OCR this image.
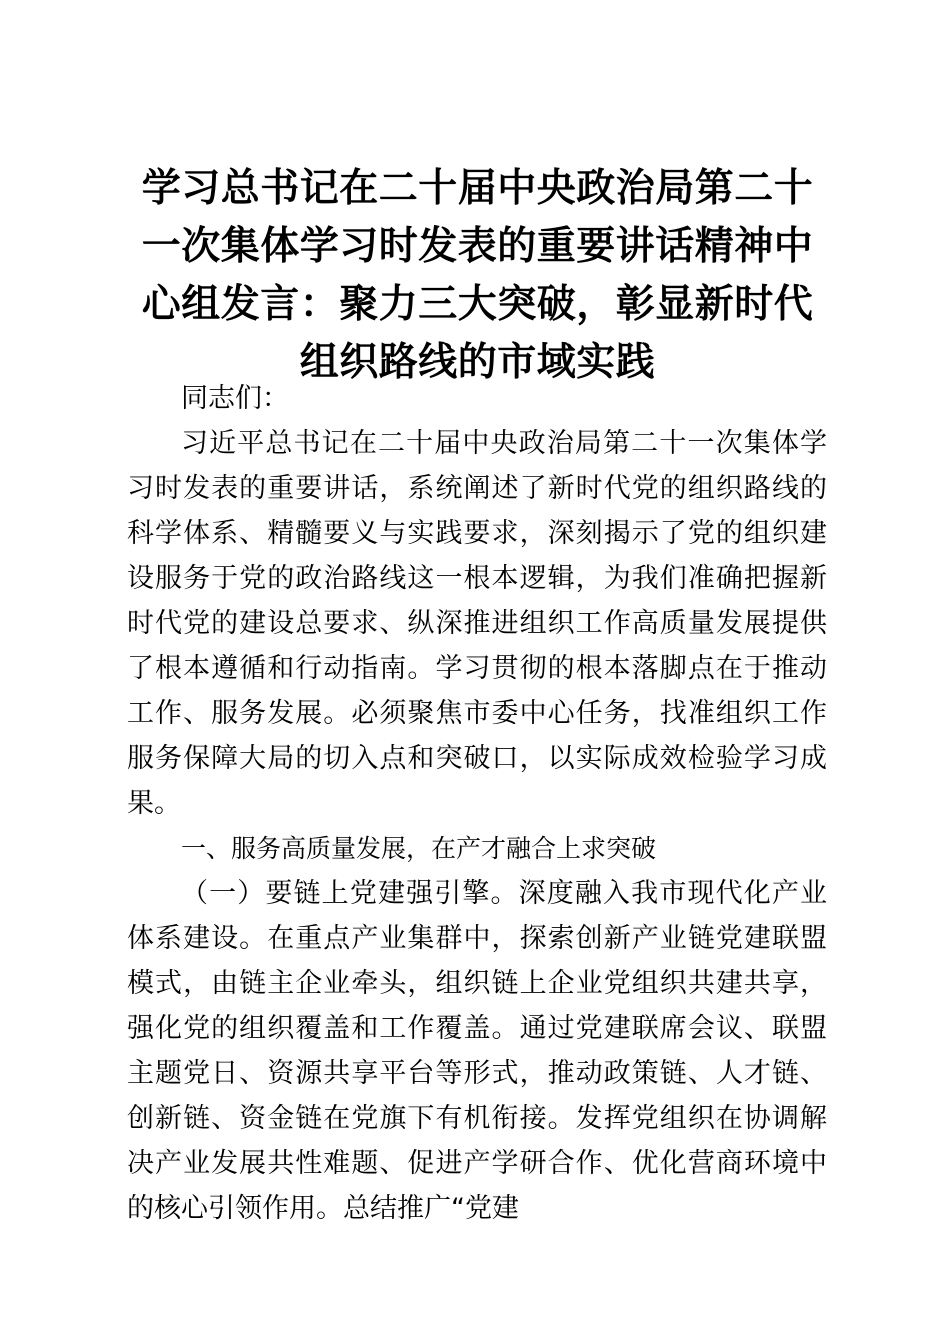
学习总书记在二十届中央政治局第二十
一次集体学习时发表的重要讲话精神中
心组发言：聚力三大突破，彰显新时代
组织路线的市域实践

同志们：

习近平总书记在二十届中央政治局第二十一次集体学习时发表的重要讲话，系统阐述了新时代党的组织路线的科学体系、精髓要义与实践要求，深刻揭示了党的组织建设服务于党的政治路线这一根本逻辑，为我们准确把握新时代党的建设总要求、纵深推进组织工作高质量发展提供了根本遵循和行动指南。学习贯彻的根本落脚点在于推动工作、服务发展。必须聚焦市委中心任务，找准组织工作服务保障大局的切入点和突破口，以实际成效检验学习成果。

一、服务高质量发展，在产才融合上求突破

（一）要链上党建强引擎。深度融入我市现代化产业体系建设。在重点产业集群中，探索创新产业链党建联盟模式，由链主企业牵头，组织链上企业党组织共建共享，强化党的组织覆盖和工作覆盖。通过党建联席会议、联盟主题党日、资源共享平台等形式，推动政策链、人才链、创新链、资金链在党旗下有机衔接。发挥党组织在协调解决产业发展共性难题、促进产学研合作、优化营商环境中的核心引领作用。总结推广“党建
